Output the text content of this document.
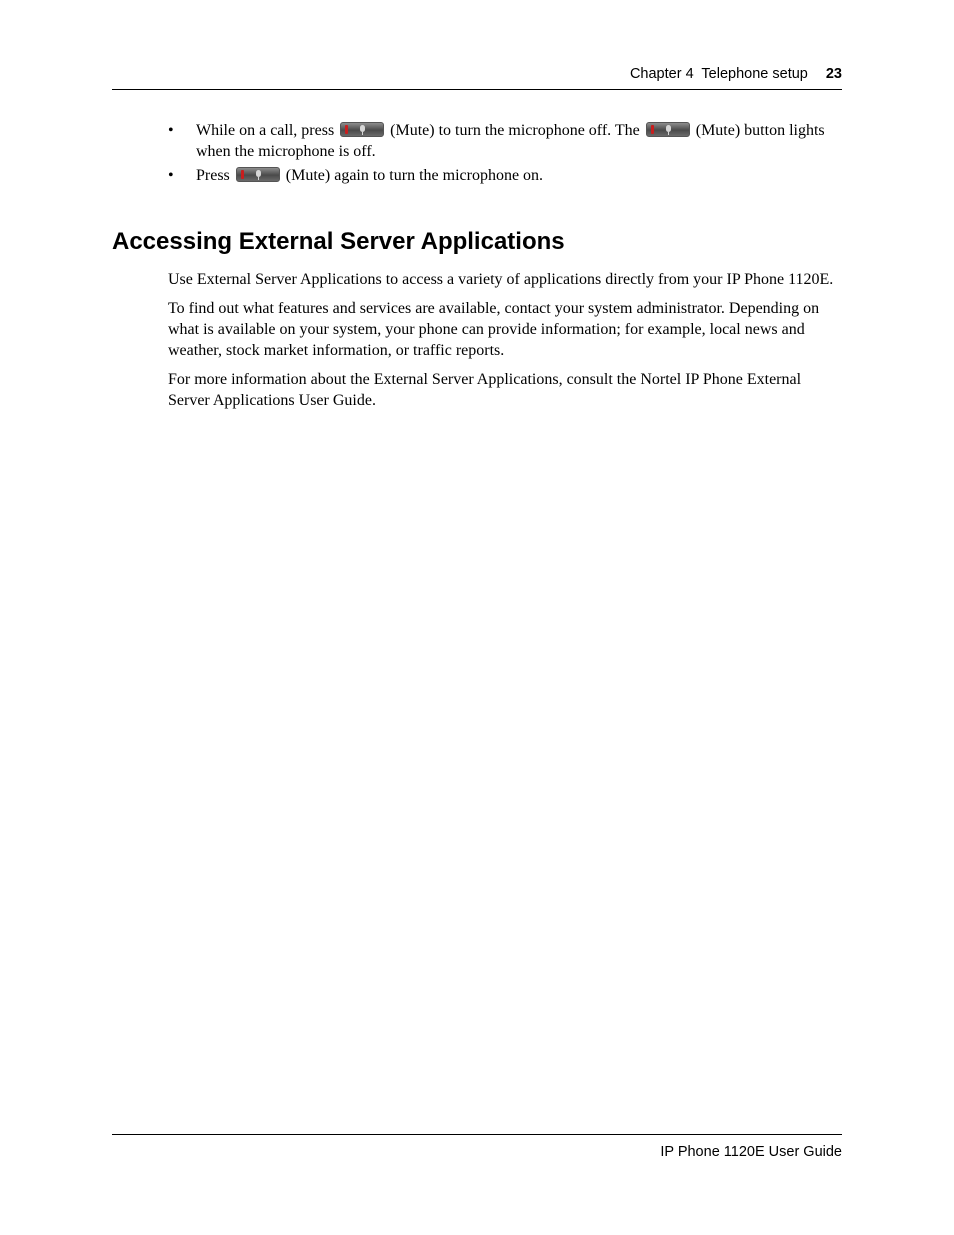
Chapter 4  Telephone setup 23
• While on a call, press	(Mute) to turn the microphone off. The	(Mute) button lights when the microphone is off.
• Press	(Mute) again to turn the microphone on.
Accessing External Server Applications

Use External Server Applications to access a variety of applications directly from your IP Phone 1120E.

To find out what features and services are available, contact your system administrator. Depending on what is available on your system, your phone can provide information; for example, local news and weather, stock market information, or traffic reports.

For more information about the External Server Applications, consult the Nortel IP Phone External Server Applications User Guide.

IP Phone 1120E User Guide
